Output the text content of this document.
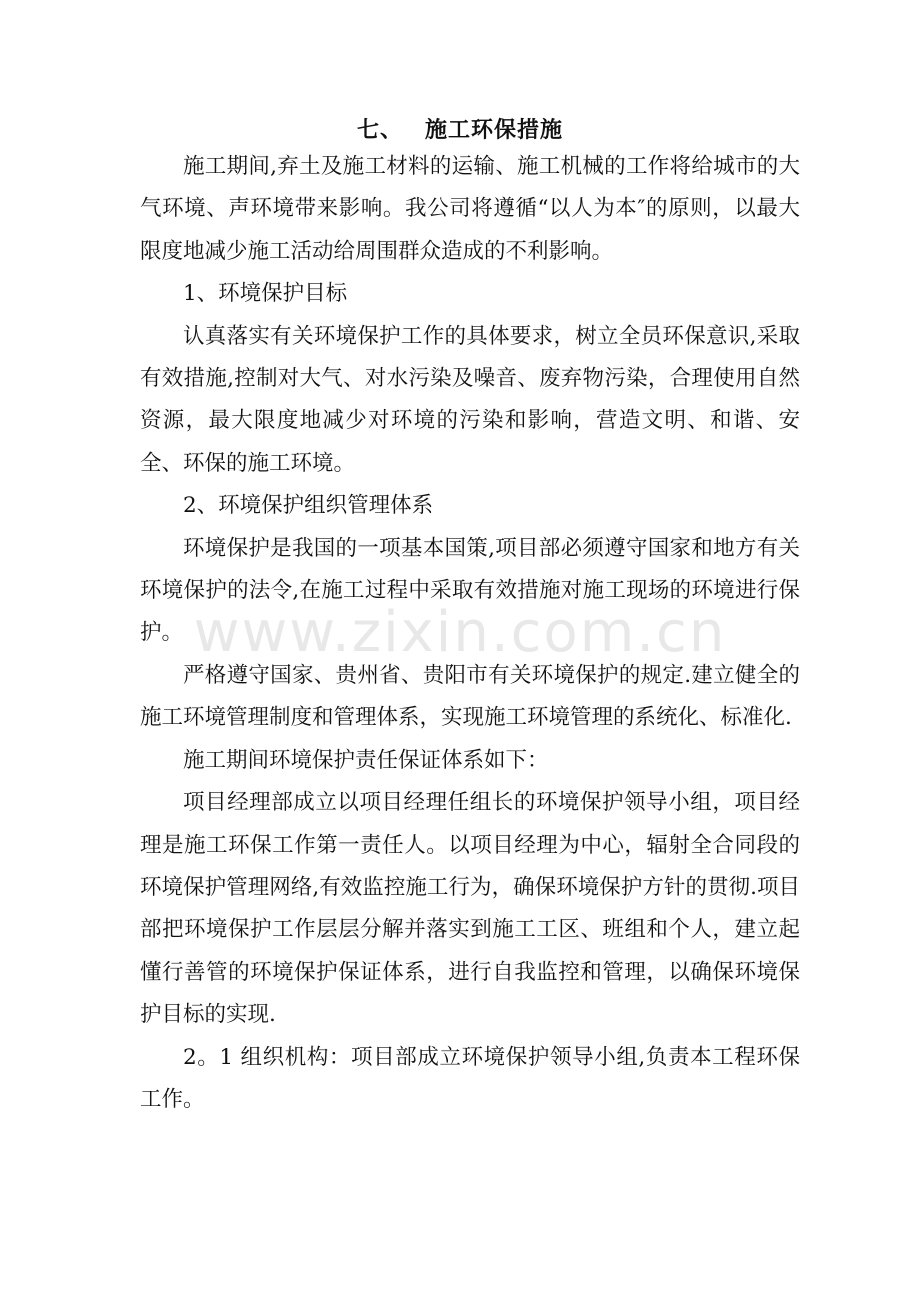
七、 施工环保措施

施工期间,弃土及施工材料的运输、施工机械的工作将给城市的大气环境、声环境带来影响。我公司将遵循“以人为本″的原则，以最大限度地减少施工活动给周围群众造成的不利影响。

1、环境保护目标

认真落实有关环境保护工作的具体要求，树立全员环保意识,采取有效措施,控制对大气、对水污染及噪音、废弃物污染，合理使用自然资源，最大限度地减少对环境的污染和影响，营造文明、和谐、安全、环保的施工环境。

2、环境保护组织管理体系

环境保护是我国的一项基本国策,项目部必须遵守国家和地方有关环境保护的法令,在施工过程中采取有效措施对施工现场的环境进行保护。

严格遵守国家、贵州省、贵阳市有关环境保护的规定.建立健全的施工环境管理制度和管理体系，实现施工环境管理的系统化、标准化.

施工期间环境保护责任保证体系如下：

项目经理部成立以项目经理任组长的环境保护领导小组，项目经理是施工环保工作第一责任人。以项目经理为中心，辐射全合同段的环境保护管理网络,有效监控施工行为，确保环境保护方针的贯彻.项目部把环境保护工作层层分解并落实到施工工区、班组和个人，建立起懂行善管的环境保护保证体系，进行自我监控和管理，以确保环境保护目标的实现.

2。1 组织机构：项目部成立环境保护领导小组,负责本工程环保工作。

www.zixin.com.cn
